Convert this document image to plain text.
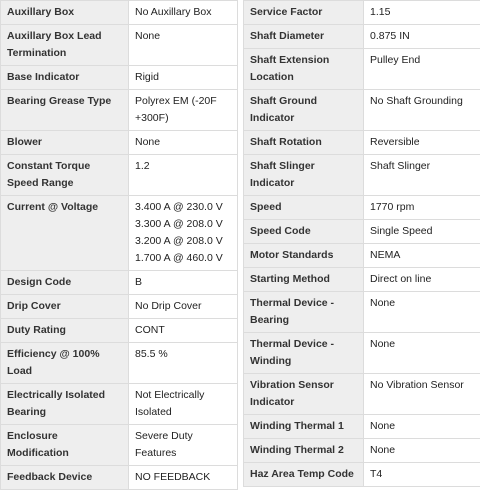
Auxillary Box	No Auxillary Box
Auxillary Box Lead Termination	None
Base Indicator	Rigid
Bearing Grease Type	Polyrex EM (-20F +300F)
Blower	None
Constant Torque Speed Range	1.2
Current @ Voltage	3.400 A @ 230.0 V
3.300 A @ 208.0 V
3.200 A @ 208.0 V
1.700 A @ 460.0 V

Design Code	B
Drip Cover	No Drip Cover
Duty Rating	CONT
Efficiency @ 100% Load	85.5 %
Electrically Isolated Bearing	Not Electrically Isolated
Enclosure Modification	Severe Duty Features
Feedback Device	NO FEEDBACK
Service Factor	1.15
Shaft Diameter	0.875 IN
Shaft Extension Location	Pulley End
Shaft Ground Indicator	No Shaft Grounding
Shaft Rotation	Reversible
Shaft Slinger Indicator	Shaft Slinger
Speed	1770 rpm
Speed Code	Single Speed
Motor Standards	NEMA
Starting Method	Direct on line
Thermal Device - Bearing	None
Thermal Device - Winding	None
Vibration Sensor Indicator	No Vibration Sensor
Winding Thermal 1	None
Winding Thermal 2	None
Haz Area Temp Code	T4
